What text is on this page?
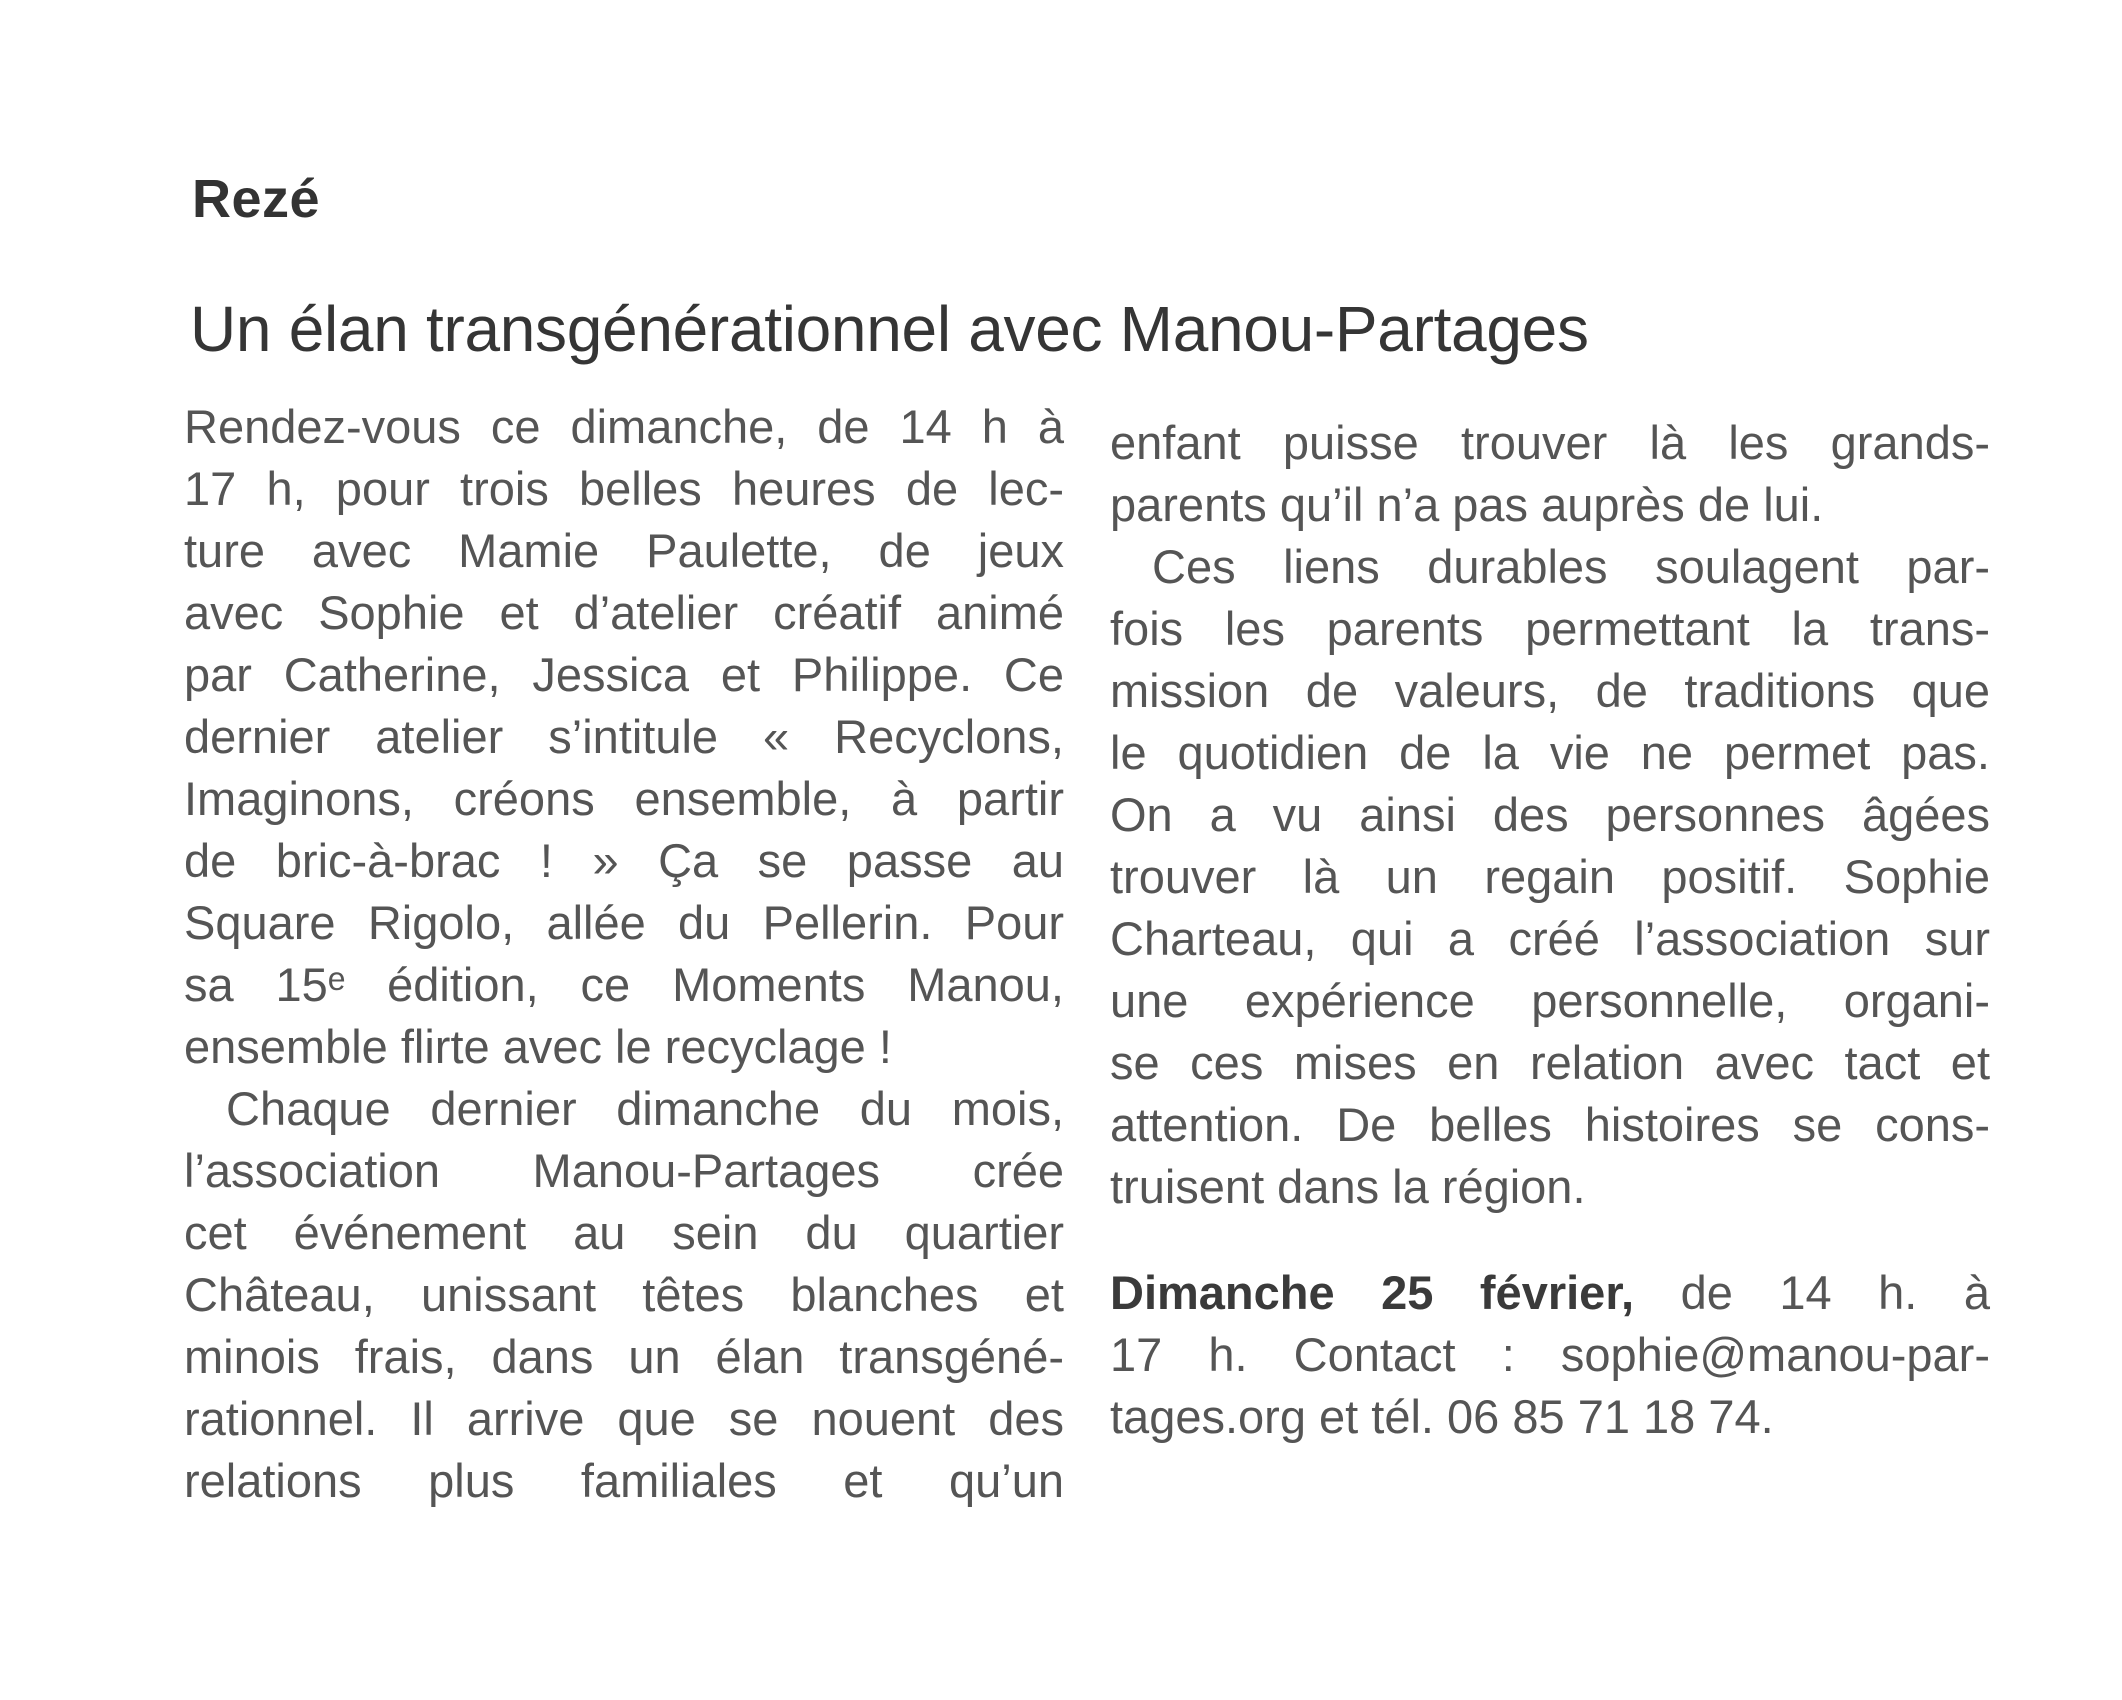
Rezé
Un élan transgénérationnel avec Manou-Partages
Rendez-vous ce dimanche, de 14 h à
17 h, pour trois belles heures de lec-
ture avec Mamie Paulette, de jeux
avec Sophie et d’atelier créatif animé
par Catherine, Jessica et Philippe. Ce
dernier atelier s’intitule « Recyclons,
Imaginons, créons ensemble, à partir
de bric-à-brac ! » Ça se passe au
Square Rigolo, allée du Pellerin. Pour
sa 15ᵉ édition, ce Moments Manou,
ensemble flirte avec le recyclage !
Chaque dernier dimanche du mois,
l’association Manou-Partages crée
cet événement au sein du quartier
Château, unissant têtes blanches et
minois frais, dans un élan transgéné-
rationnel. Il arrive que se nouent des
relations plus familiales et qu’un
enfant puisse trouver là les grands-
parents qu’il n’a pas auprès de lui.
Ces liens durables soulagent par-
fois les parents permettant la trans-
mission de valeurs, de traditions que
le quotidien de la vie ne permet pas.
On a vu ainsi des personnes âgées
trouver là un regain positif. Sophie
Charteau, qui a créé l’association sur
une expérience personnelle, organi-
se ces mises en relation avec tact et
attention. De belles histoires se cons-
truisent dans la région.
Dimanche 25 février, de 14 h. à
17 h. Contact : sophie@manou-par-
tages.org et tél. 06 85 71 18 74.
